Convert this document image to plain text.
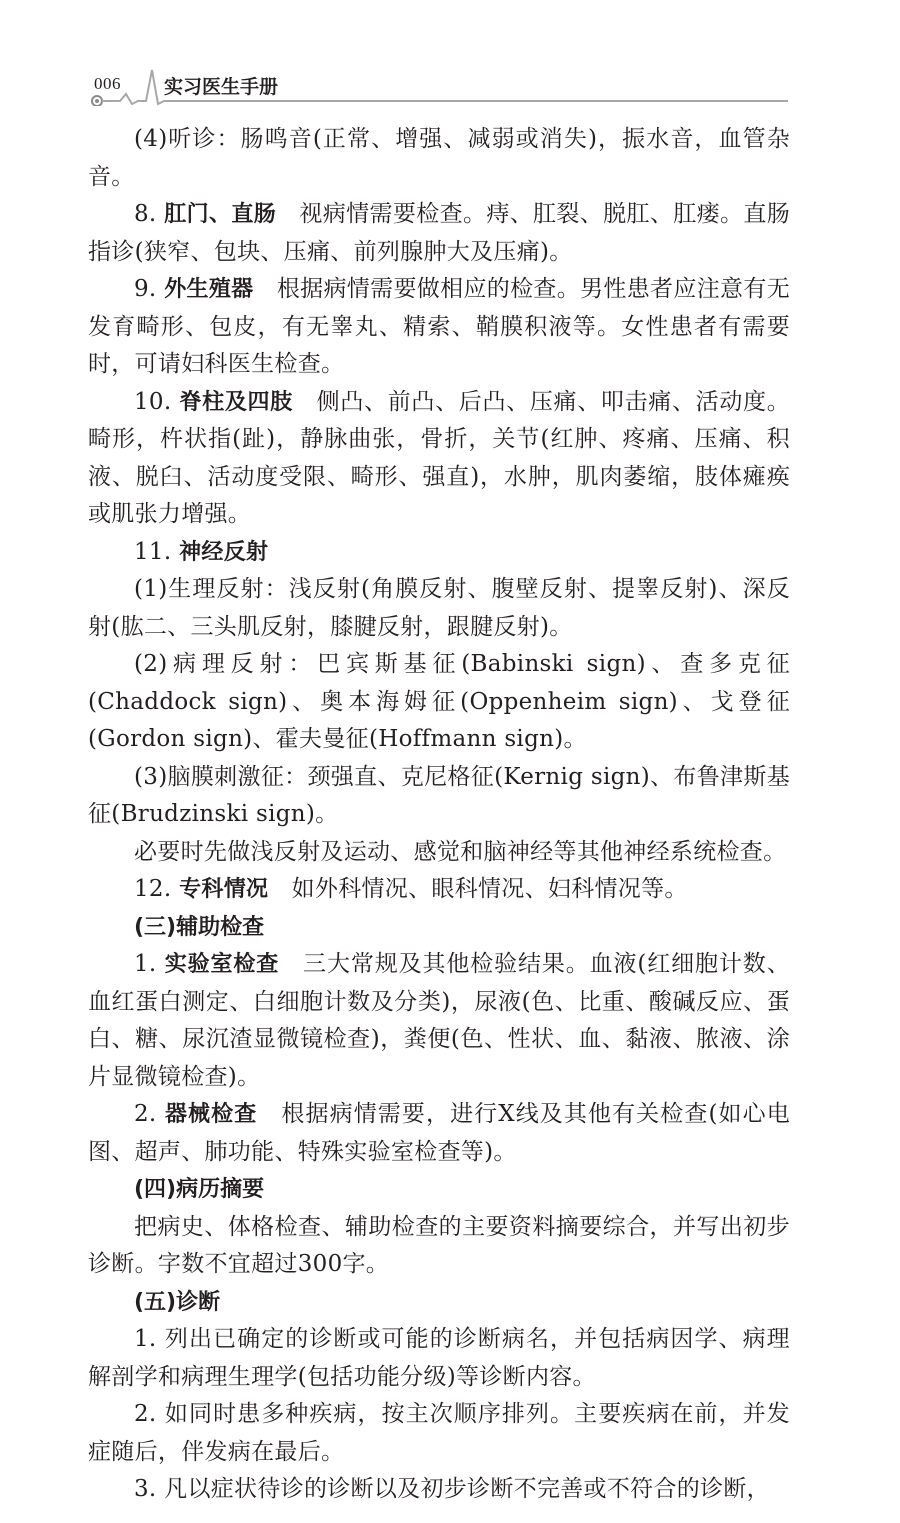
006 实习医生手册

(4)听诊：肠鸣音(正常、增强、减弱或消失)，振水音，血管杂音。

8. 肛门、直肠　视病情需要检查。痔、肛裂、脱肛、肛瘘。直肠指诊(狭窄、包块、压痛、前列腺肿大及压痛)。

9. 外生殖器　根据病情需要做相应的检查。男性患者应注意有无发育畸形、包皮，有无睾丸、精索、鞘膜积液等。女性患者有需要时，可请妇科医生检查。

10. 脊柱及四肢　侧凸、前凸、后凸、压痛、叩击痛、活动度。畸形，杵状指(趾)，静脉曲张，骨折，关节(红肿、疼痛、压痛、积液、脱臼、活动度受限、畸形、强直)，水肿，肌肉萎缩，肢体瘫痪或肌张力增强。

11. 神经反射

(1)生理反射：浅反射(角膜反射、腹壁反射、提睾反射)、深反射(肱二、三头肌反射，膝腱反射，跟腱反射)。

(2)病理反射：巴宾斯基征(Babinski sign)、查多克征(Chaddock sign)、奥本海姆征(Oppenheim sign)、戈登征(Gordon sign)、霍夫曼征(Hoffmann sign)。

(3)脑膜刺激征：颈强直、克尼格征(Kernig sign)、布鲁津斯基征(Brudzinski sign)。

必要时先做浅反射及运动、感觉和脑神经等其他神经系统检查。

12. 专科情况　如外科情况、眼科情况、妇科情况等。

(三)辅助检查

1. 实验室检查　三大常规及其他检验结果。血液(红细胞计数、血红蛋白测定、白细胞计数及分类)，尿液(色、比重、酸碱反应、蛋白、糖、尿沉渣显微镜检查)，粪便(色、性状、血、黏液、脓液、涂片显微镜检查)。

2. 器械检查　根据病情需要，进行X线及其他有关检查(如心电图、超声、肺功能、特殊实验室检查等)。

(四)病历摘要

把病史、体格检查、辅助检查的主要资料摘要综合，并写出初步诊断。字数不宜超过300字。

(五)诊断

1. 列出已确定的诊断或可能的诊断病名，并包括病因学、病理解剖学和病理生理学(包括功能分级)等诊断内容。

2. 如同时患多种疾病，按主次顺序排列。主要疾病在前，并发症随后，伴发病在最后。

3. 凡以症状待诊的诊断以及初步诊断不完善或不符合的诊断，
